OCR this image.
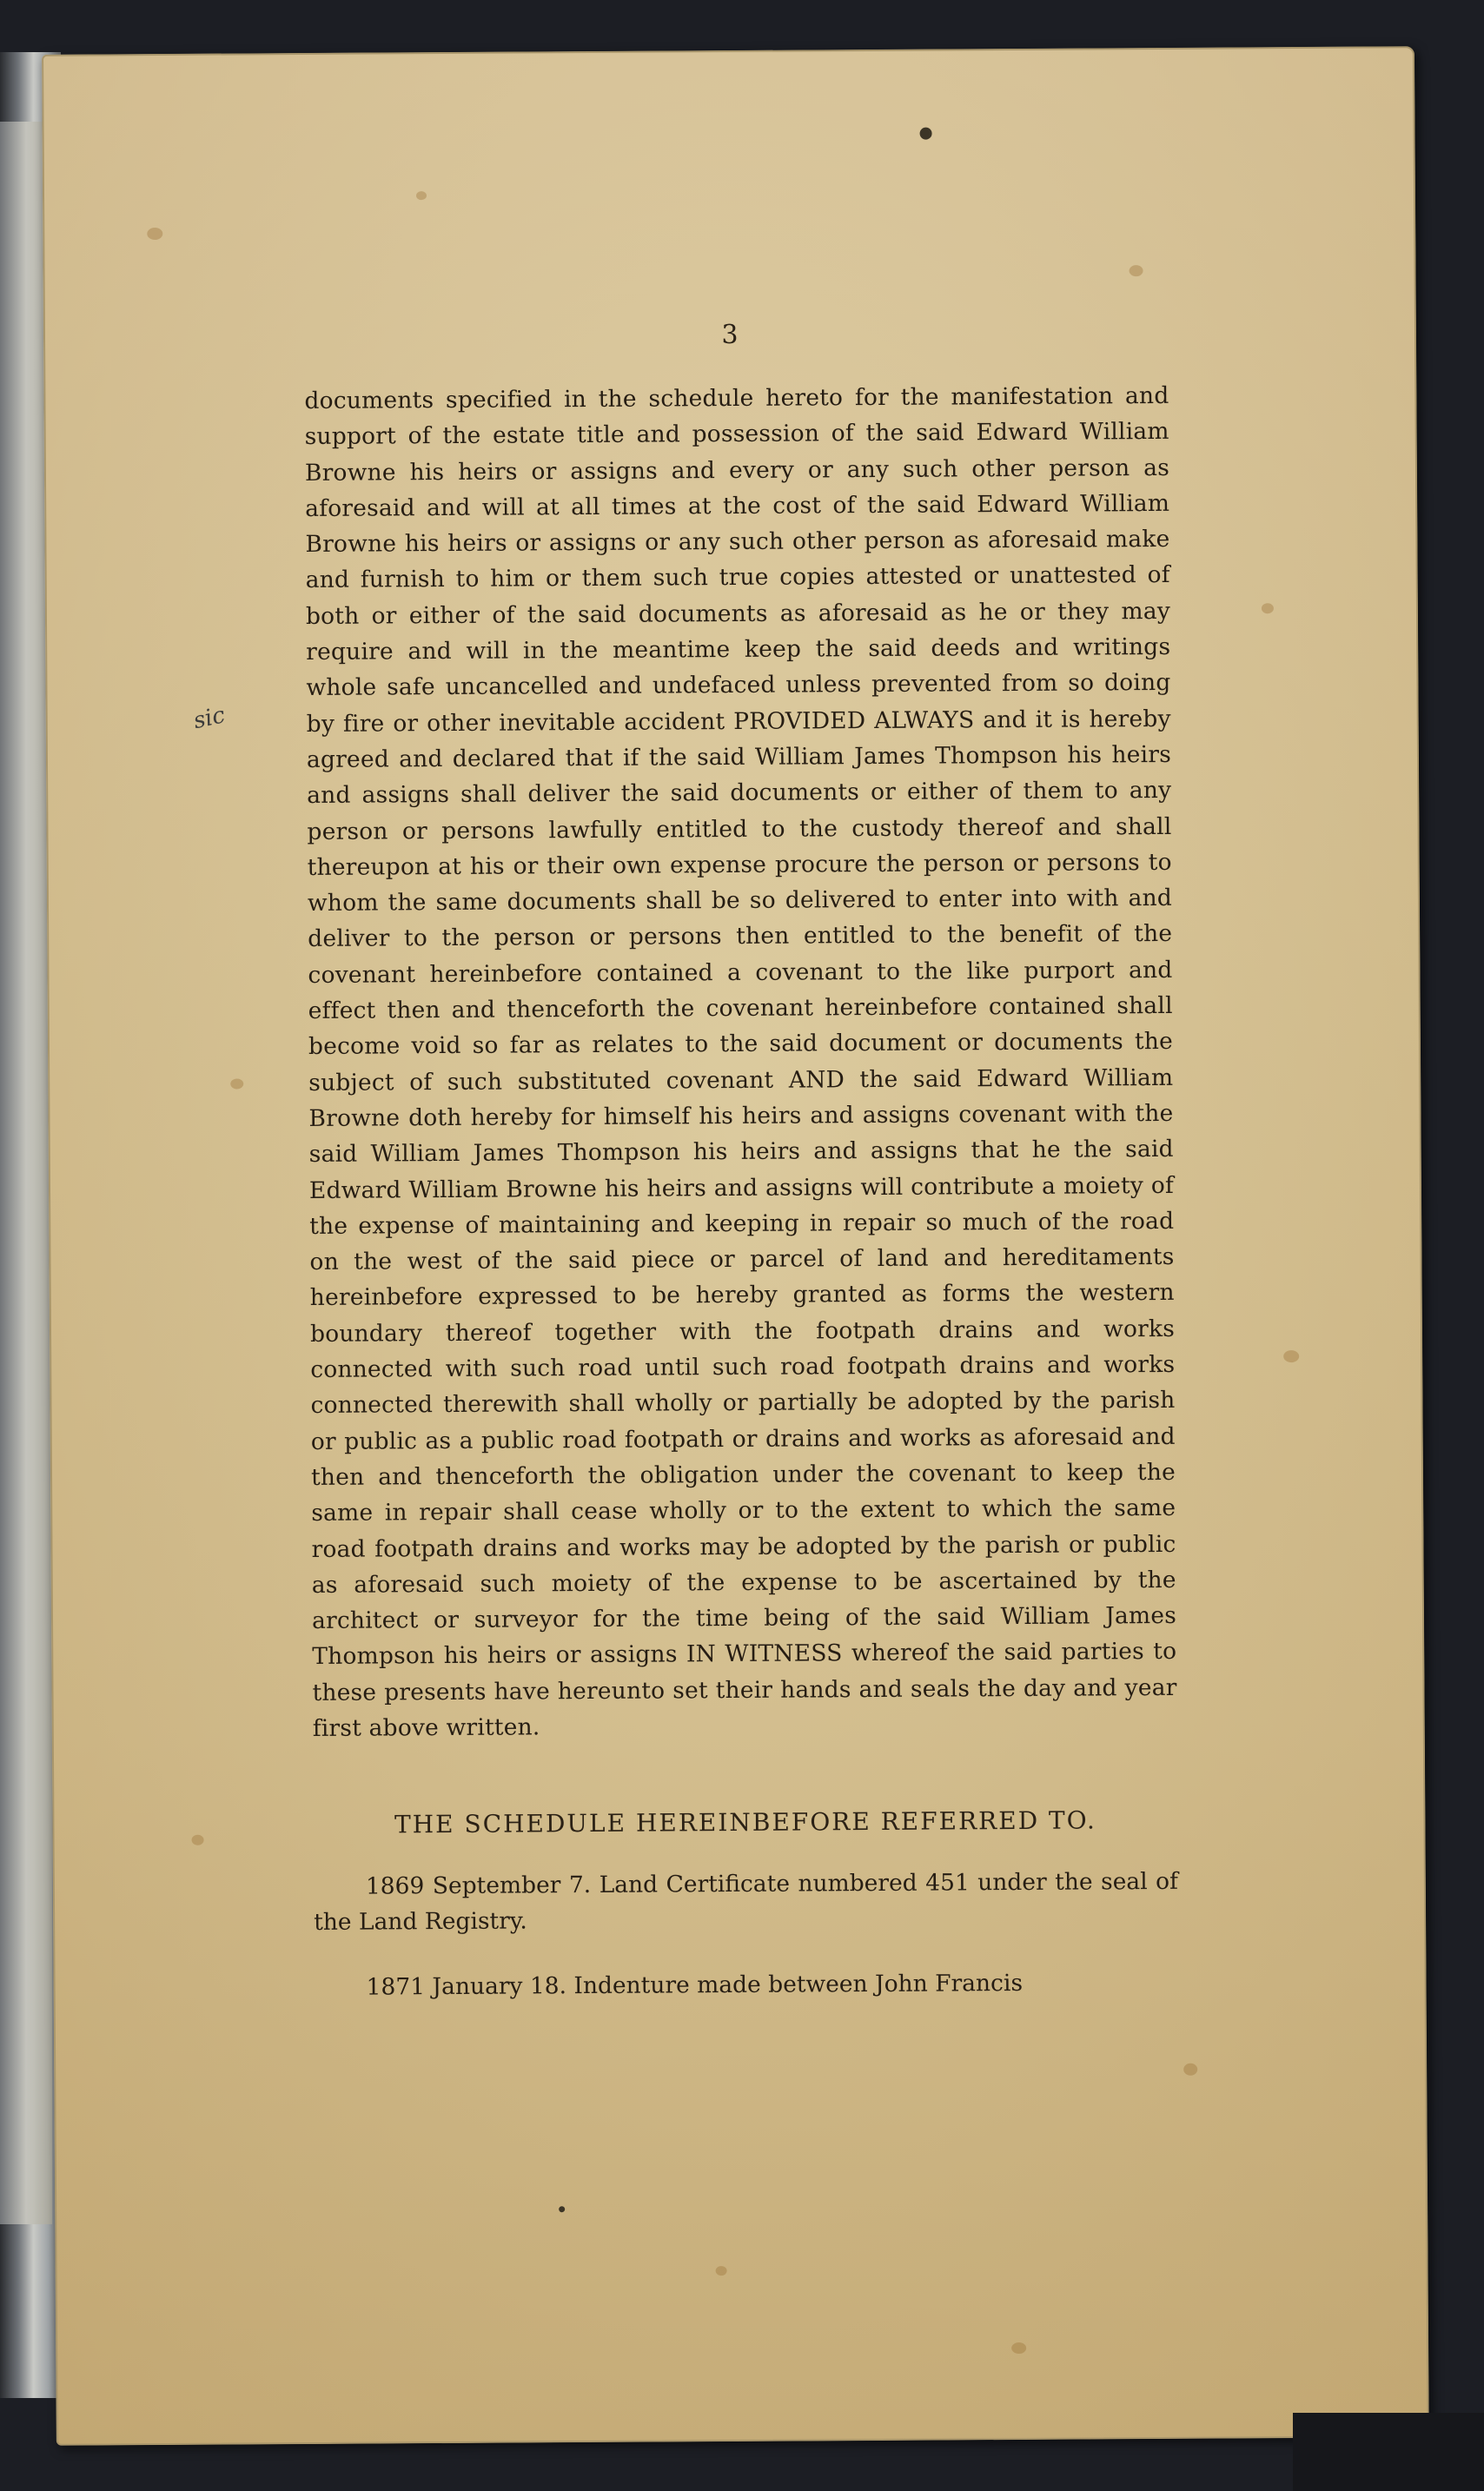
3
sic

documents specified in the schedule hereto for the manifestation and support of the estate title and possession of the said Edward William Browne his heirs or assigns and every or any such other person as aforesaid and will at all times at the cost of the said Edward William Browne his heirs or assigns or any such other person as aforesaid make and furnish to him or them such true copies attested or unattested of both or either of the said documents as aforesaid as he or they may require and will in the meantime keep the said deeds and writings whole safe uncancelled and undefaced unless prevented from so doing by fire or other inevitable accident PROVIDED ALWAYS and it is hereby agreed and declared that if the said William James Thompson his heirs and assigns shall deliver the said documents or either of them to any person or persons lawfully entitled to the custody thereof and shall thereupon at his or their own expense procure the person or persons to whom the same documents shall be so delivered to enter into with and deliver to the person or persons then entitled to the benefit of the covenant hereinbefore contained a covenant to the like purport and effect then and thenceforth the covenant hereinbefore contained shall become void so far as relates to the said document or documents the subject of such substituted covenant AND the said Edward William Browne doth hereby for himself his heirs and assigns covenant with the said William James Thompson his heirs and assigns that he the said Edward William Browne his heirs and assigns will contribute a moiety of the expense of maintaining and keeping in repair so much of the road on the west of the said piece or parcel of land and hereditaments hereinbefore expressed to be hereby granted as forms the western boundary thereof together with the footpath drains and works connected with such road until such road footpath drains and works connected therewith shall wholly or partially be adopted by the parish or public as a public road footpath or drains and works as aforesaid and then and thenceforth the obligation under the covenant to keep the same in repair shall cease wholly or to the extent to which the same road footpath drains and works may be adopted by the parish or public as aforesaid such moiety of the expense to be ascertained by the architect or surveyor for the time being of the said William James Thompson his heirs or assigns IN WITNESS whereof the said parties to these presents have hereunto set their hands and seals the day and year first above written.

THE SCHEDULE HEREINBEFORE REFERRED TO.

1869 September 7. Land Certificate numbered 451 under the seal of the Land Registry.

1871 January 18. Indenture made between John Francis
